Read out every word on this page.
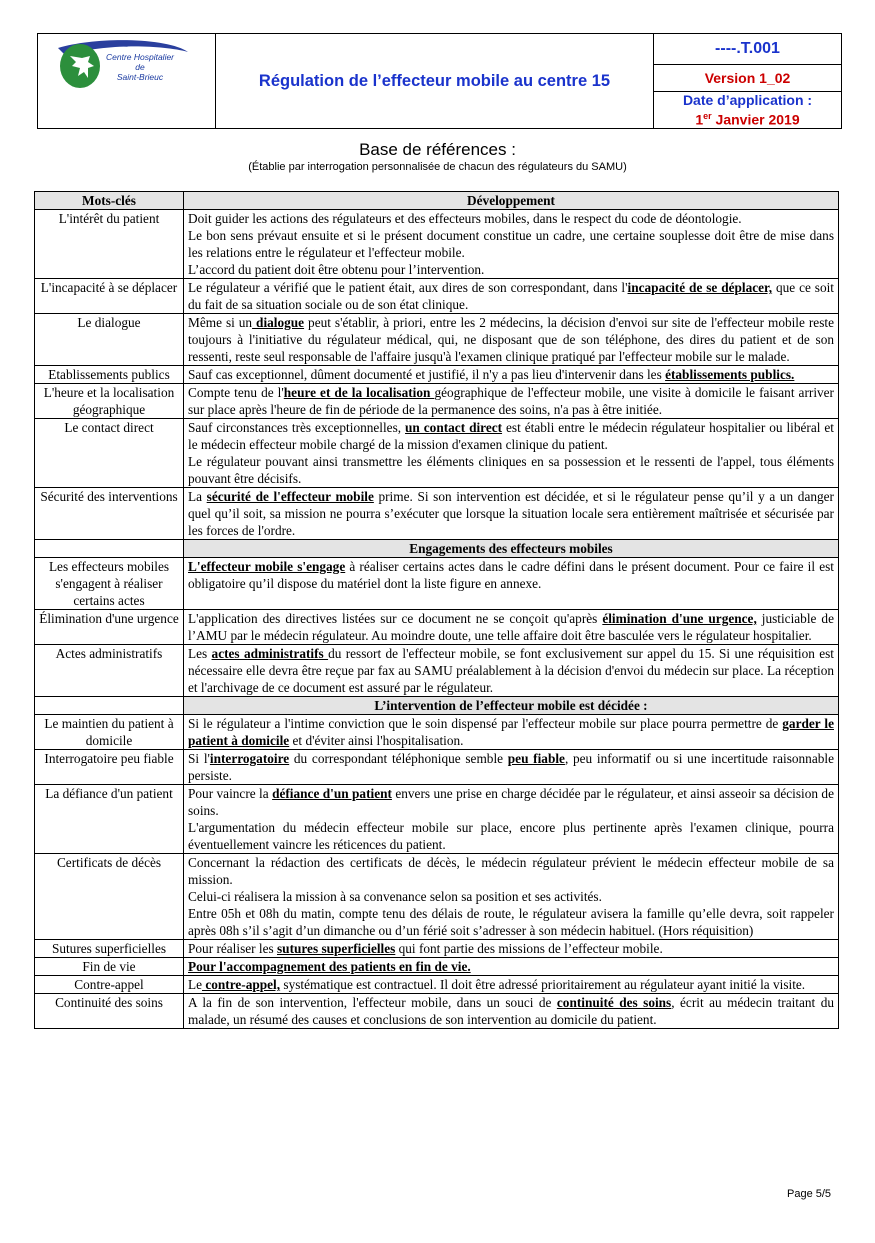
Centre Hospitalier
de
Saint-Brieuc	Régulation de l’effecteur mobile au centre 15
----.T.001
Version 1_02
Date d’application :
1er Janvier 2019
Base de références :
(Établie par interrogation personnalisée de chacun des régulateurs du SAMU)
Mots-clés	Développement
L'intérêt du patient	Doit guider les actions des régulateurs et des effecteurs mobiles, dans le respect du code de déontologie.

Le bon sens prévaut ensuite et si le présent document constitue un cadre, une certaine souplesse doit être de mise dans les relations entre le régulateur et l'effecteur mobile.

L’accord du patient doit être obtenu pour l’intervention.

L'incapacité à se déplacer	Le régulateur a vérifié que le patient était, aux dires de son correspondant, dans l'incapacité de se déplacer, que ce soit du fait de sa situation sociale ou de son état clinique.
Le dialogue	Même si un dialogue peut s'établir, à priori, entre les 2 médecins, la décision d'envoi sur site de l'effecteur mobile reste toujours à l'initiative du régulateur médical, qui, ne disposant que de son téléphone, des dires du patient et de son ressenti, reste seul responsable de l'affaire jusqu'à l'examen clinique pratiqué par l'effecteur mobile sur le malade.
Etablissements publics	Sauf cas exceptionnel, dûment documenté et justifié, il n'y a pas lieu d'intervenir dans les établissements publics.
L'heure et la localisation géographique	Compte tenu de l'heure et de la localisation géographique de l'effecteur mobile, une visite à domicile le faisant arriver sur place après l'heure de fin de période de la permanence des soins, n'a pas à être initiée.
Le contact direct	Sauf circonstances très exceptionnelles, un contact direct est établi entre le médecin régulateur hospitalier ou libéral et le médecin effecteur mobile chargé de la mission d'examen clinique du patient.

Le régulateur pouvant ainsi transmettre les éléments cliniques en sa possession et le ressenti de l'appel, tous éléments pouvant être décisifs.

Sécurité des interventions	La sécurité de l'effecteur mobile prime. Si son intervention est décidée, et si le régulateur pense qu’il y a un danger quel qu’il soit, sa mission ne pourra s’exécuter que lorsque la situation locale sera entièrement maîtrisée et sécurisée par les forces de l'ordre.
	Engagements des effecteurs mobiles
Les effecteurs mobiles s'engagent à réaliser certains actes	L'effecteur mobile s'engage à réaliser certains actes dans le cadre défini dans le présent document. Pour ce faire il est obligatoire qu’il dispose du matériel dont la liste figure en annexe.
Élimination d'une urgence	L'application des directives listées sur ce document ne se conçoit qu'après élimination d'une urgence, justiciable de l’AMU par le médecin régulateur. Au moindre doute, une telle affaire doit être basculée vers le régulateur hospitalier.
Actes administratifs	Les actes administratifs du ressort de l'effecteur mobile, se font exclusivement sur appel du 15. Si une réquisition est nécessaire elle devra être reçue par fax au SAMU préalablement à la décision d'envoi du médecin sur place. La réception et l'archivage de ce document est assuré par le régulateur.
	L’intervention de l’effecteur mobile est décidée :
Le maintien du patient à domicile	Si le régulateur a l'intime conviction que le soin dispensé par l'effecteur mobile sur place pourra permettre de garder le patient à domicile et d'éviter ainsi l'hospitalisation.
Interrogatoire peu fiable	Si l'interrogatoire du correspondant téléphonique semble peu fiable, peu informatif ou si une incertitude raisonnable persiste.
La défiance d'un patient	Pour vaincre la défiance d'un patient envers une prise en charge décidée par le régulateur, et ainsi asseoir sa décision de soins.

L'argumentation du médecin effecteur mobile sur place, encore plus pertinente après l'examen clinique, pourra éventuellement vaincre les réticences du patient.

Certificats de décès	Concernant la rédaction des certificats de décès, le médecin régulateur prévient le médecin effecteur mobile de sa mission.

Celui-ci réalisera la mission à sa convenance selon sa position et ses activités.

Entre 05h et 08h du matin, compte tenu des délais de route, le régulateur avisera la famille qu’elle devra, soit rappeler après 08h s’il s’agit d’un dimanche ou d’un férié soit s’adresser à son médecin habituel. (Hors réquisition)

Sutures superficielles	Pour réaliser les sutures superficielles qui font partie des missions de l’effecteur mobile.
Fin de vie	Pour l'accompagnement des patients en fin de vie.
Contre-appel	Le contre-appel, systématique est contractuel. Il doit être adressé prioritairement au régulateur ayant initié la visite.
Continuité des soins	A la fin de son intervention, l'effecteur mobile, dans un souci de continuité des soins, écrit au médecin traitant du malade, un résumé des causes et conclusions de son intervention au domicile du patient.
Page 5/5
